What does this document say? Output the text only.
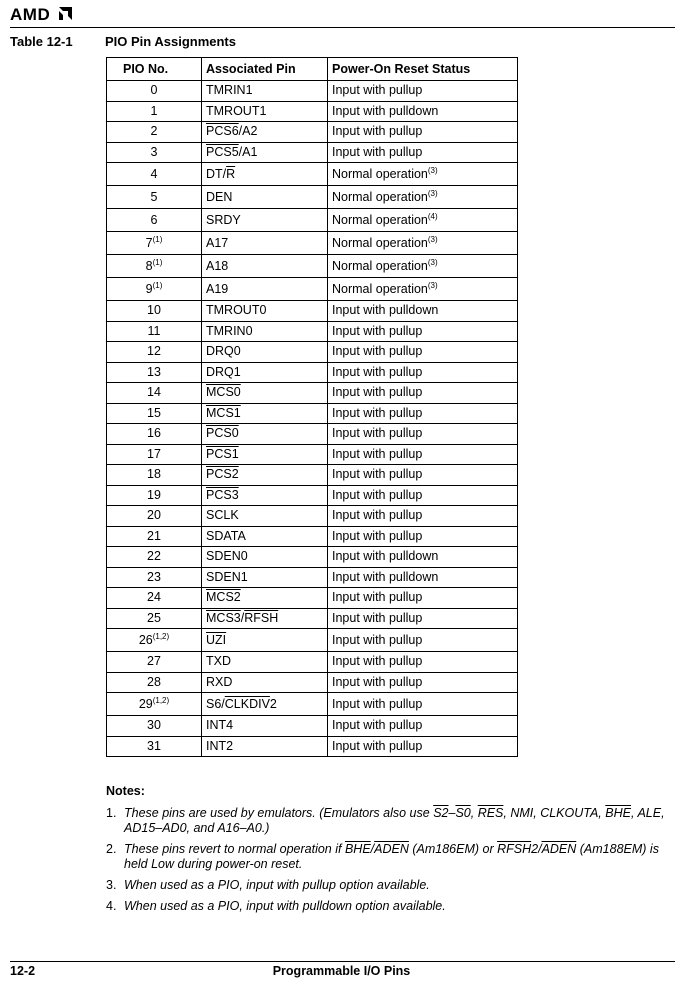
AMD
Table 12-1 PIO Pin Assignments
PIO No.	Associated Pin	Power-On Reset Status
0	TMRIN1	Input with pullup
1	TMROUT1	Input with pulldown
2	PCS6/A2	Input with pullup
3	PCS5/A1	Input with pullup
4	$DT/\overline{R}$	Normal operation$^{(3)}$
5	DEN	Normal operation$^{(3)}$
6	SRDY	Normal operation$^{(4)}$
7$^{(1)}$	A17	Normal operation$^{(3)}$
8$^{(1)}$	A18	Normal operation$^{(3)}$
9$^{(1)}$	A19	Normal operation$^{(3)}$
10	TMROUT0	Input with pulldown
11	TMRIN0	Input with pullup
12	DRQ0	Input with pullup
13	DRQ1	Input with pullup
14	MCS0	Input with pullup
15	MCS1	Input with pullup
16	PCS0	Input with pullup
17	PCS1	Input with pullup
18	PCS2	Input with pullup
19	PCS3	Input with pullup
20	SCLK	Input with pullup
21	SDATA	Input with pullup
22	SDEN0	Input with pulldown
23	SDEN1	Input with pulldown
24	MCS2	Input with pullup
25	MCS3/RFSH	Input with pullup
26$^{(1,2)}$	$\overline{UZI}$	Input with pullup
27	TXD	Input with pullup
28	RXD	Input with pullup
29$^{(1,2)}$	S6/CLKDIV2	Input with pullup
30	INT4	Input with pullup
31	INT2	Input with pullup
Notes:
1. These pins are used by emulators. (Emulators also use S2–S0, $\overline{RES}$, NMI, CLKOUTA, $\overline{BHE}$, ALE, AD15–AD0, and A16–A0.)
2. These pins revert to normal operation if $\overline{BHE}$/ADEN (Am186EM) or RFSH2/ADEN (Am188EM) is held Low during power-on reset.
3. When used as a PIO, input with pullup option available.
4. When used as a PIO, input with pulldown option available.
12-2	Programmable I/O Pins
